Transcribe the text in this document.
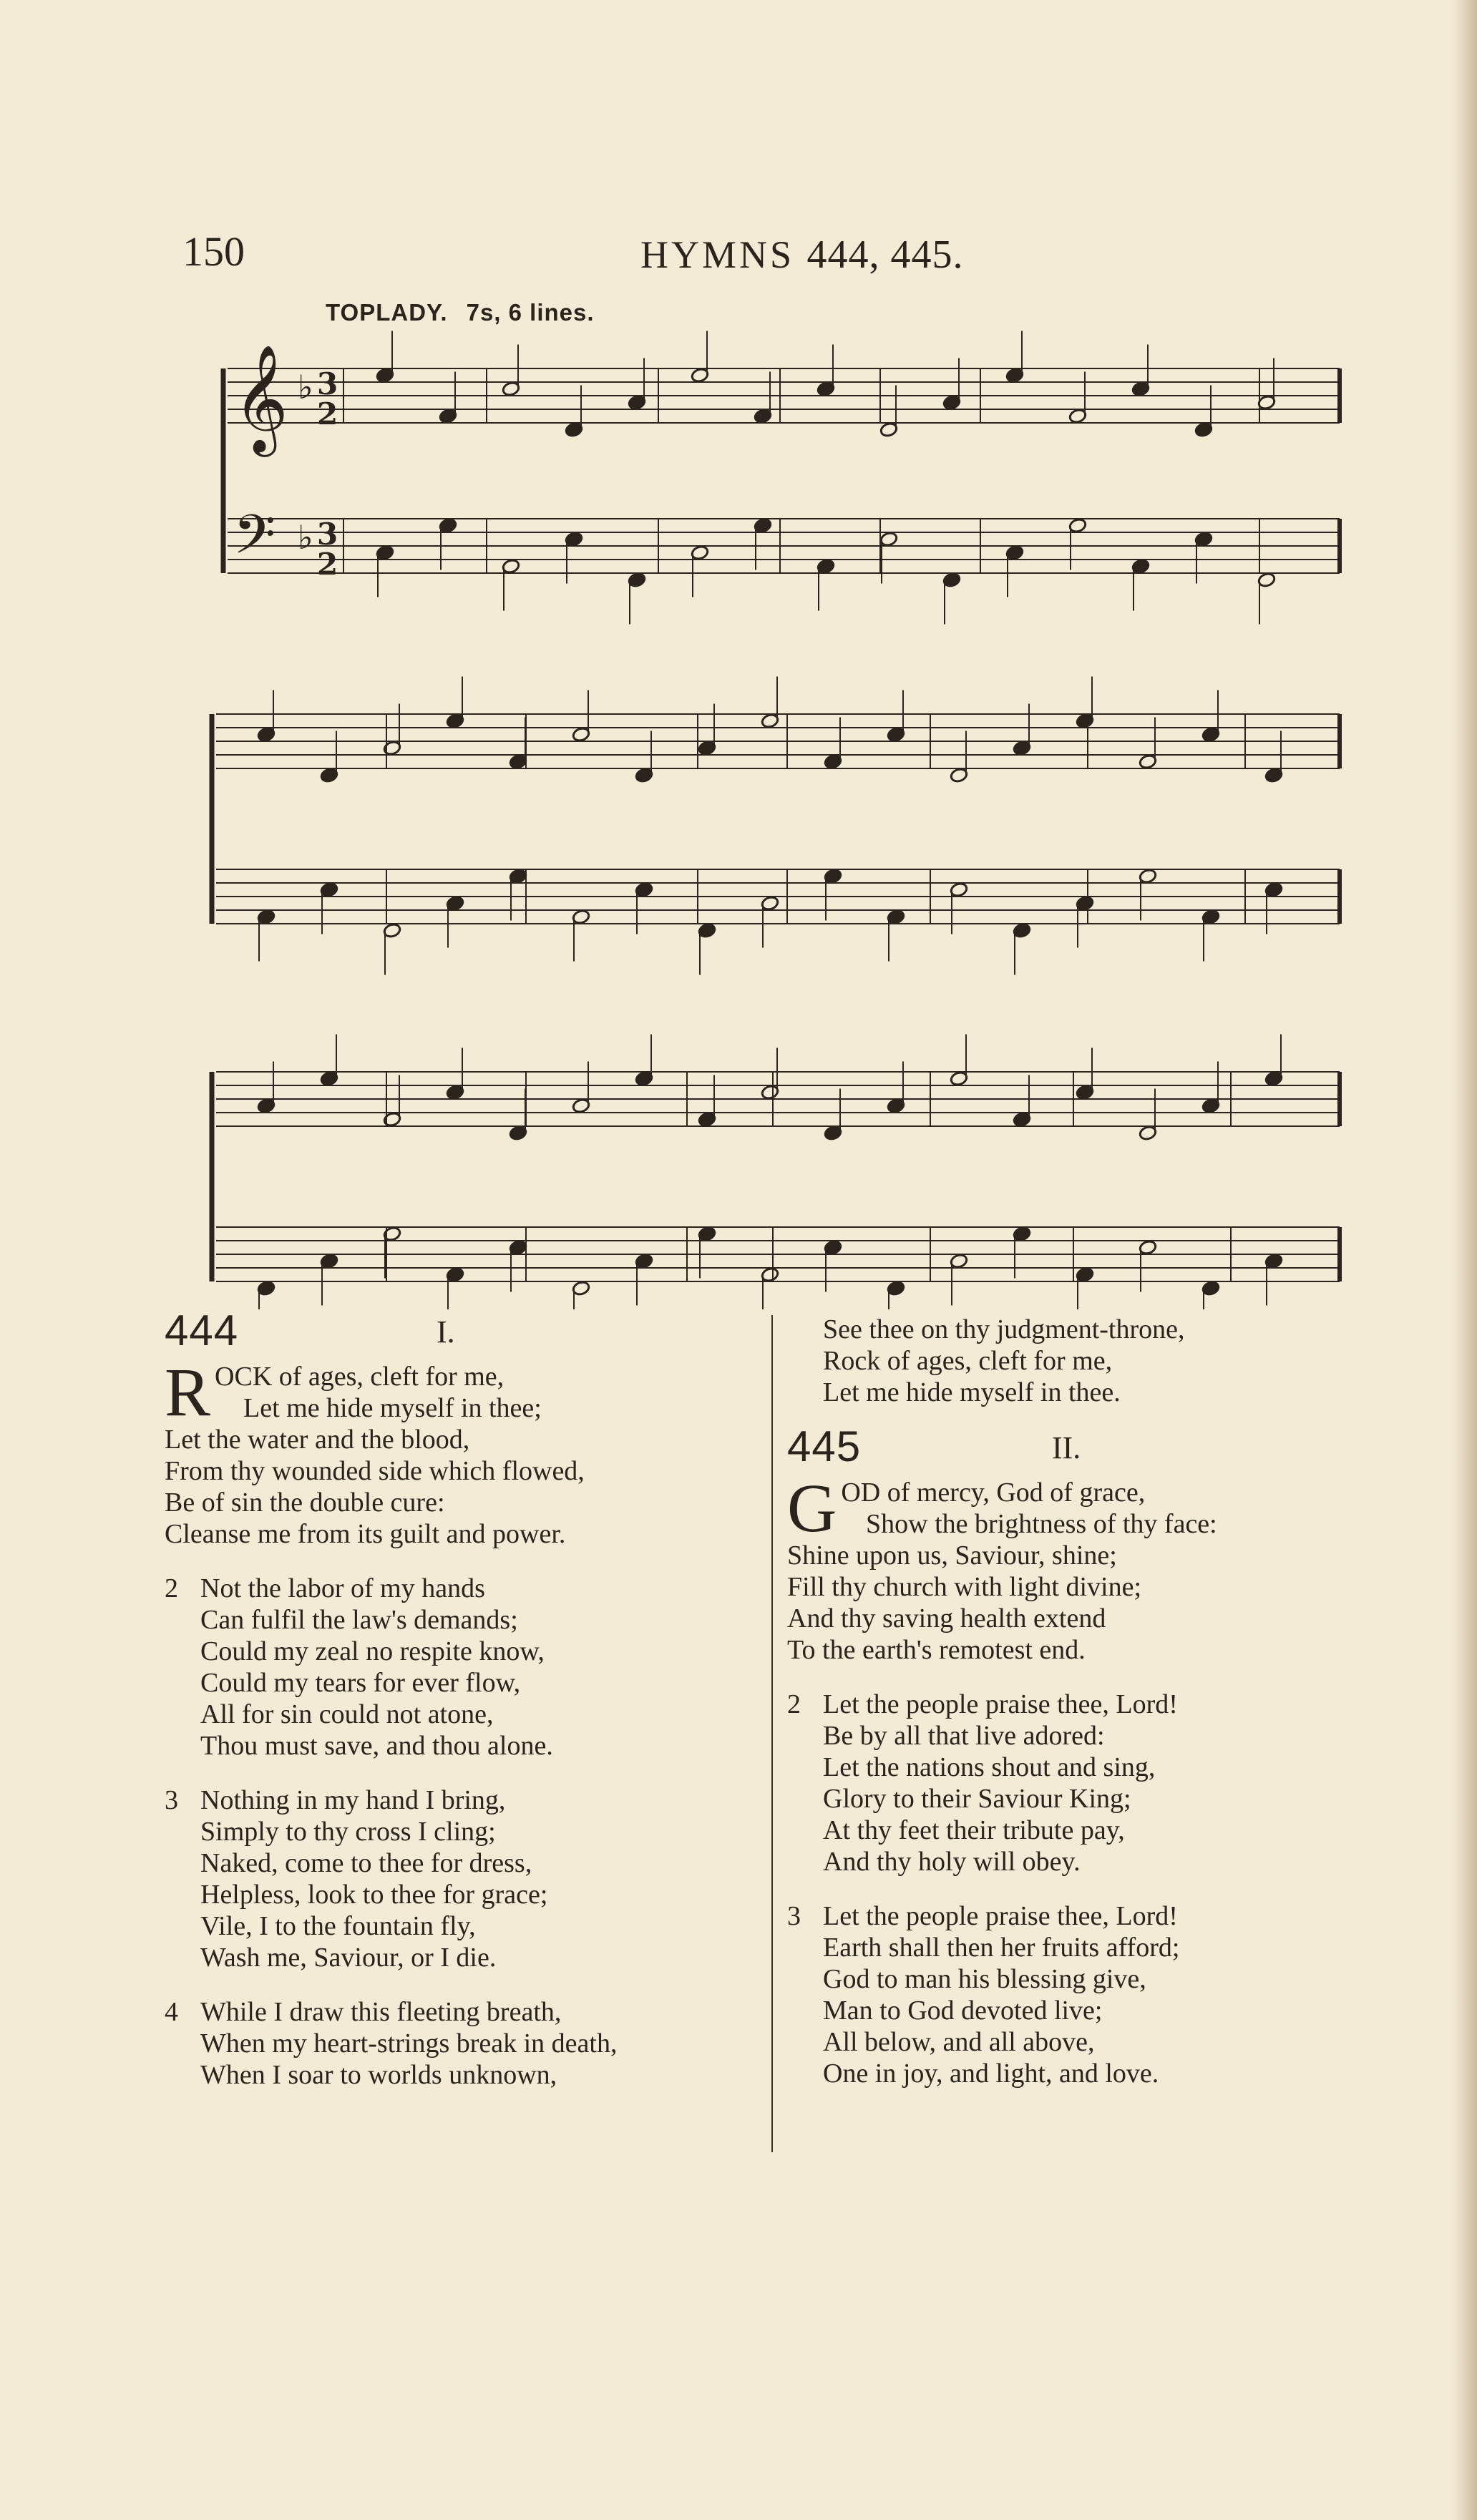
150	HYMNS 444, 445.
TOPLADY. 7s, 6 lines.
𝄞
𝄢
♭ 3
2
♭ 3
2
444	I.
ROCK of ages, cleft for me,
Let me hide myself in thee;
Let the water and the blood,
From thy wounded side which flowed,
Be of sin the double cure:
Cleanse me from its guilt and power.
2 Not the labor of my hands
Can fulfil the law's demands;
Could my zeal no respite know,
Could my tears for ever flow,
All for sin could not atone,
Thou must save, and thou alone.
3 Nothing in my hand I bring,
Simply to thy cross I cling;
Naked, come to thee for dress,
Helpless, look to thee for grace;
Vile, I to the fountain fly,
Wash me, Saviour, or I die.
4 While I draw this fleeting breath,
When my heart-strings break in death,
When I soar to worlds unknown,
See thee on thy judgment-throne,
Rock of ages, cleft for me,
Let me hide myself in thee.
445	II.
GOD of mercy, God of grace,
Show the brightness of thy face:
Shine upon us, Saviour, shine;
Fill thy church with light divine;
And thy saving health extend
To the earth's remotest end.
2 Let the people praise thee, Lord!
Be by all that live adored:
Let the nations shout and sing,
Glory to their Saviour King;
At thy feet their tribute pay,
And thy holy will obey.
3 Let the people praise thee, Lord!
Earth shall then her fruits afford;
God to man his blessing give,
Man to God devoted live;
All below, and all above,
One in joy, and light, and love.
